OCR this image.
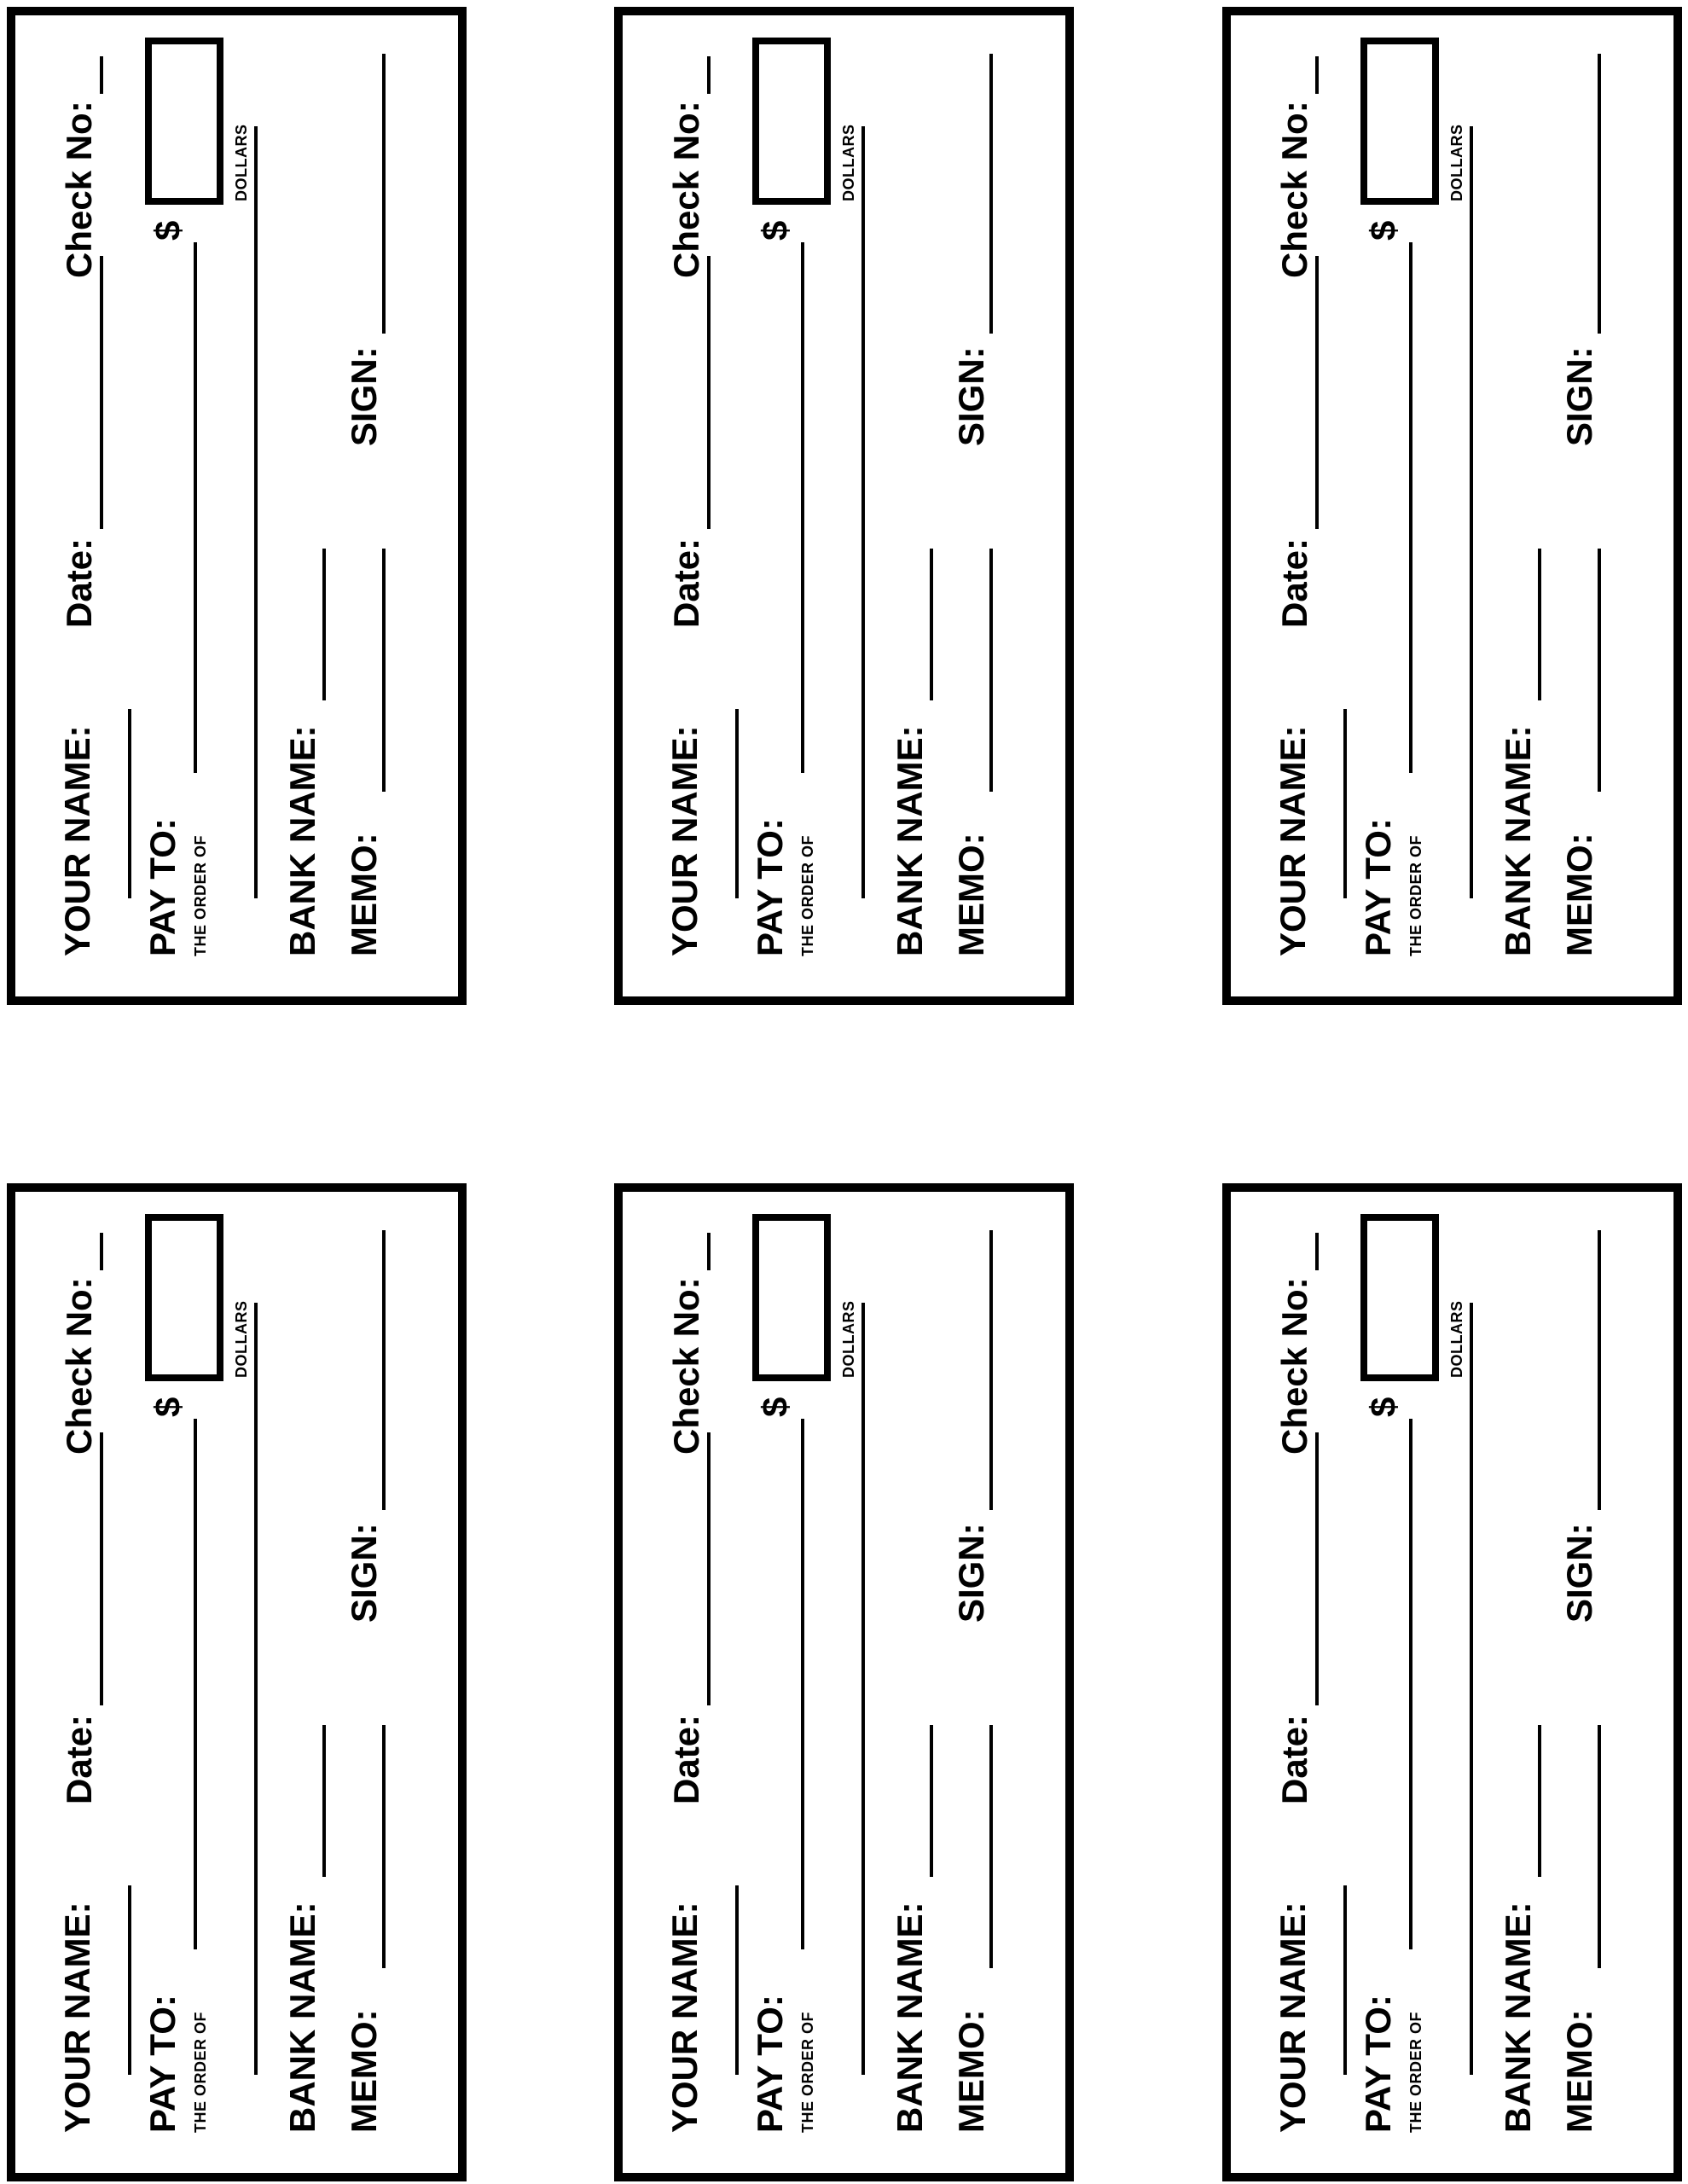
YOUR NAME:
Date:
Check No:
PAY TO: THE ORDER OF
$
DOLLARS
BANK NAME: MEMO:
SIGN:
YOUR NAME:
Date:
Check No:
PAY TO: THE ORDER OF
$
DOLLARS
BANK NAME: MEMO:
SIGN:
YOUR NAME:
Date:
Check No:
PAY TO: THE ORDER OF
$
DOLLARS
BANK NAME: MEMO:
SIGN:
YOUR NAME:
Date:
Check No:
PAY TO: THE ORDER OF
$
DOLLARS
BANK NAME: MEMO:
SIGN:
YOUR NAME:
Date:
Check No:
PAY TO: THE ORDER OF
$
DOLLARS
BANK NAME: MEMO:
SIGN:
YOUR NAME:
Date:
Check No:
PAY TO: THE ORDER OF
$
DOLLARS
BANK NAME: MEMO:
SIGN:
